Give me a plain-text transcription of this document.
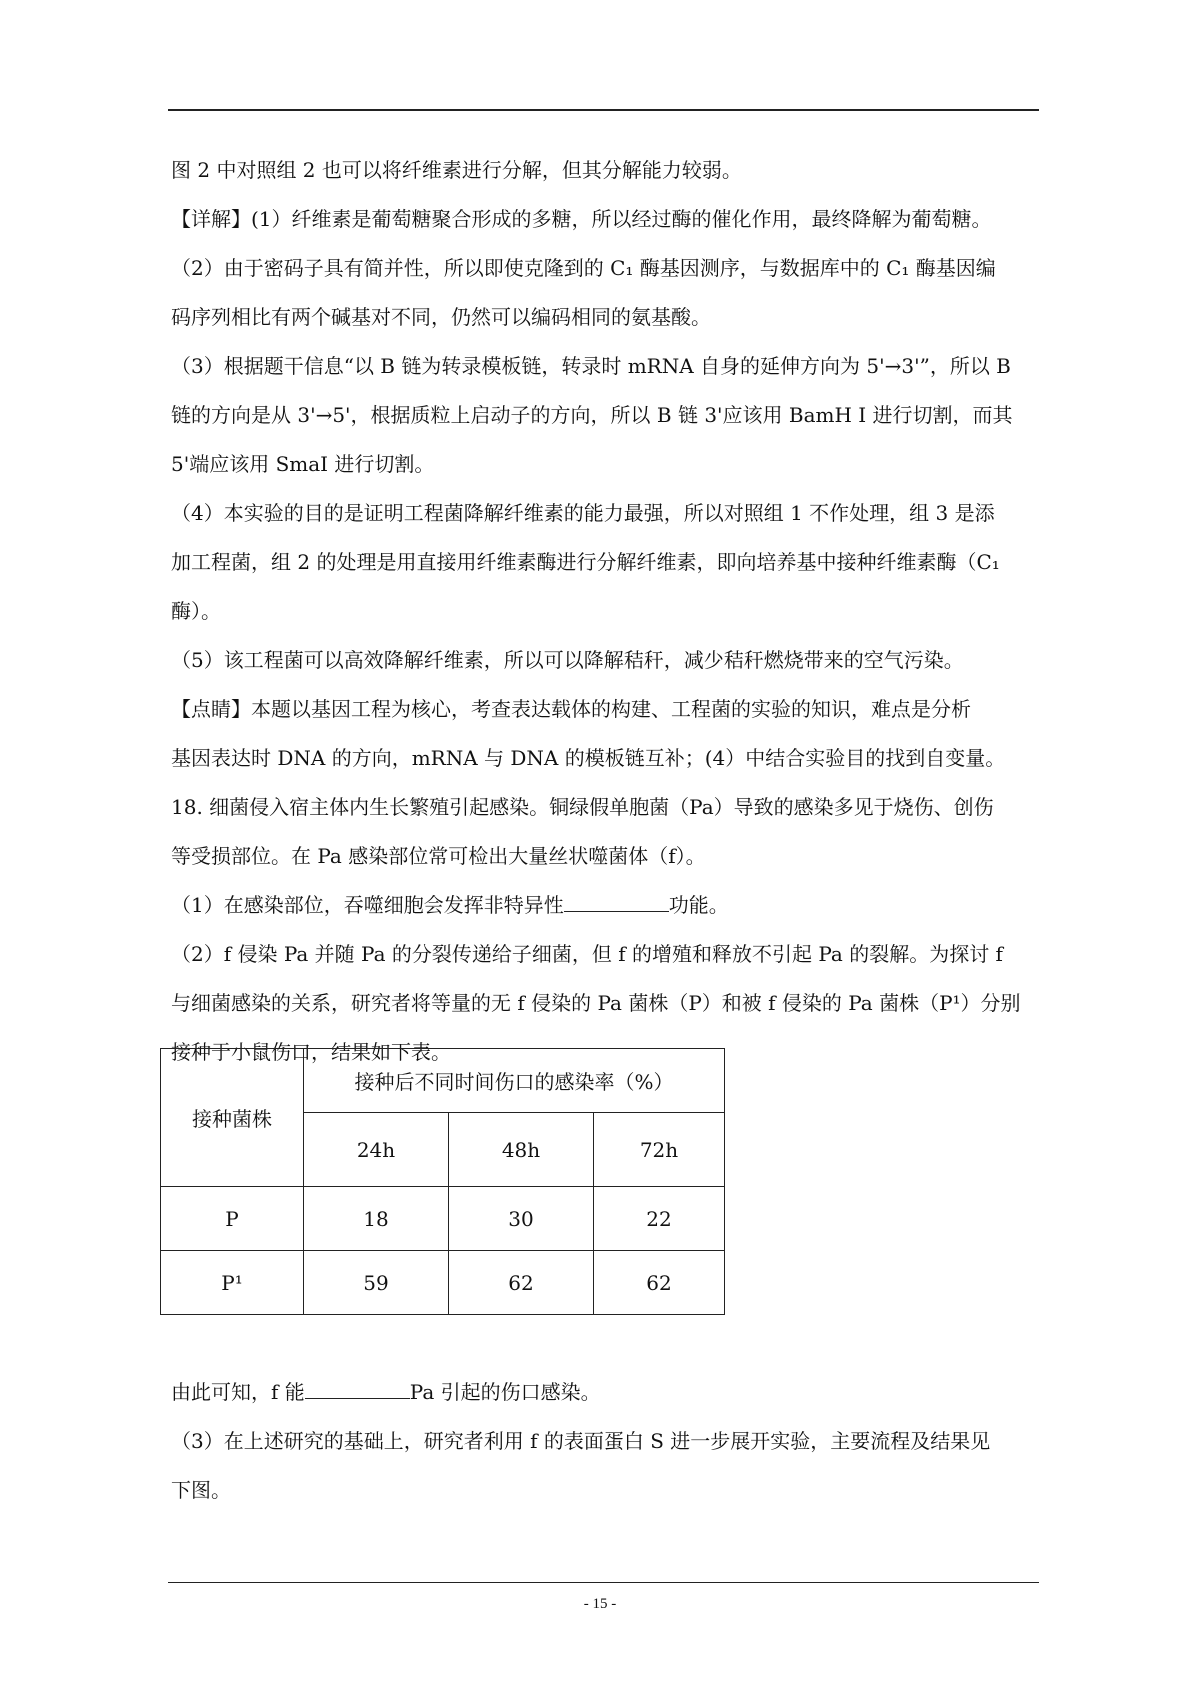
图 2 中对照组 2 也可以将纤维素进行分解，但其分解能力较弱。
【详解】(1）纤维素是葡萄糖聚合形成的多糖，所以经过酶的催化作用，最终降解为葡萄糖。
（2）由于密码子具有简并性，所以即使克隆到的 C₁ 酶基因测序，与数据库中的 C₁ 酶基因编
码序列相比有两个碱基对不同，仍然可以编码相同的氨基酸。
（3）根据题干信息“以 B 链为转录模板链，转录时 mRNA 自身的延伸方向为 5'→3'”，所以 B
链的方向是从 3'→5'，根据质粒上启动子的方向，所以 B 链 3'应该用 BamH I 进行切割，而其
5'端应该用 SmaI 进行切割。
（4）本实验的目的是证明工程菌降解纤维素的能力最强，所以对照组 1 不作处理，组 3 是添
加工程菌，组 2 的处理是用直接用纤维素酶进行分解纤维素，即向培养基中接种纤维素酶（C₁
酶）。
（5）该工程菌可以高效降解纤维素，所以可以降解秸秆，减少秸秆燃烧带来的空气污染。
【点睛】本题以基因工程为核心，考查表达载体的构建、工程菌的实验的知识，难点是分析
基因表达时 DNA 的方向，mRNA 与 DNA 的模板链互补；(4）中结合实验目的找到自变量。
18. 细菌侵入宿主体内生长繁殖引起感染。铜绿假单胞菌（Pa）导致的感染多见于烧伤、创伤
等受损部位。在 Pa 感染部位常可检出大量丝状噬菌体（f）。
（1）在感染部位，吞噬细胞会发挥非特异性	功能。
（2）f 侵染 Pa 并随 Pa 的分裂传递给子细菌，但 f 的增殖和释放不引起 Pa 的裂解。为探讨 f
与细菌感染的关系，研究者将等量的无 f 侵染的 Pa 菌株（P）和被 f 侵染的 Pa 菌株（P¹）分别
接种于小鼠伤口，结果如下表。
接种菌株	接种后不同时间伤口的感染率（%）		
	24h	48h	72h
P	18	30	22
P¹	59	62	62
由此可知，f 能	Pa 引起的伤口感染。
（3）在上述研究的基础上，研究者利用 f 的表面蛋白 S 进一步展开实验，主要流程及结果见
下图。
- 15 -
